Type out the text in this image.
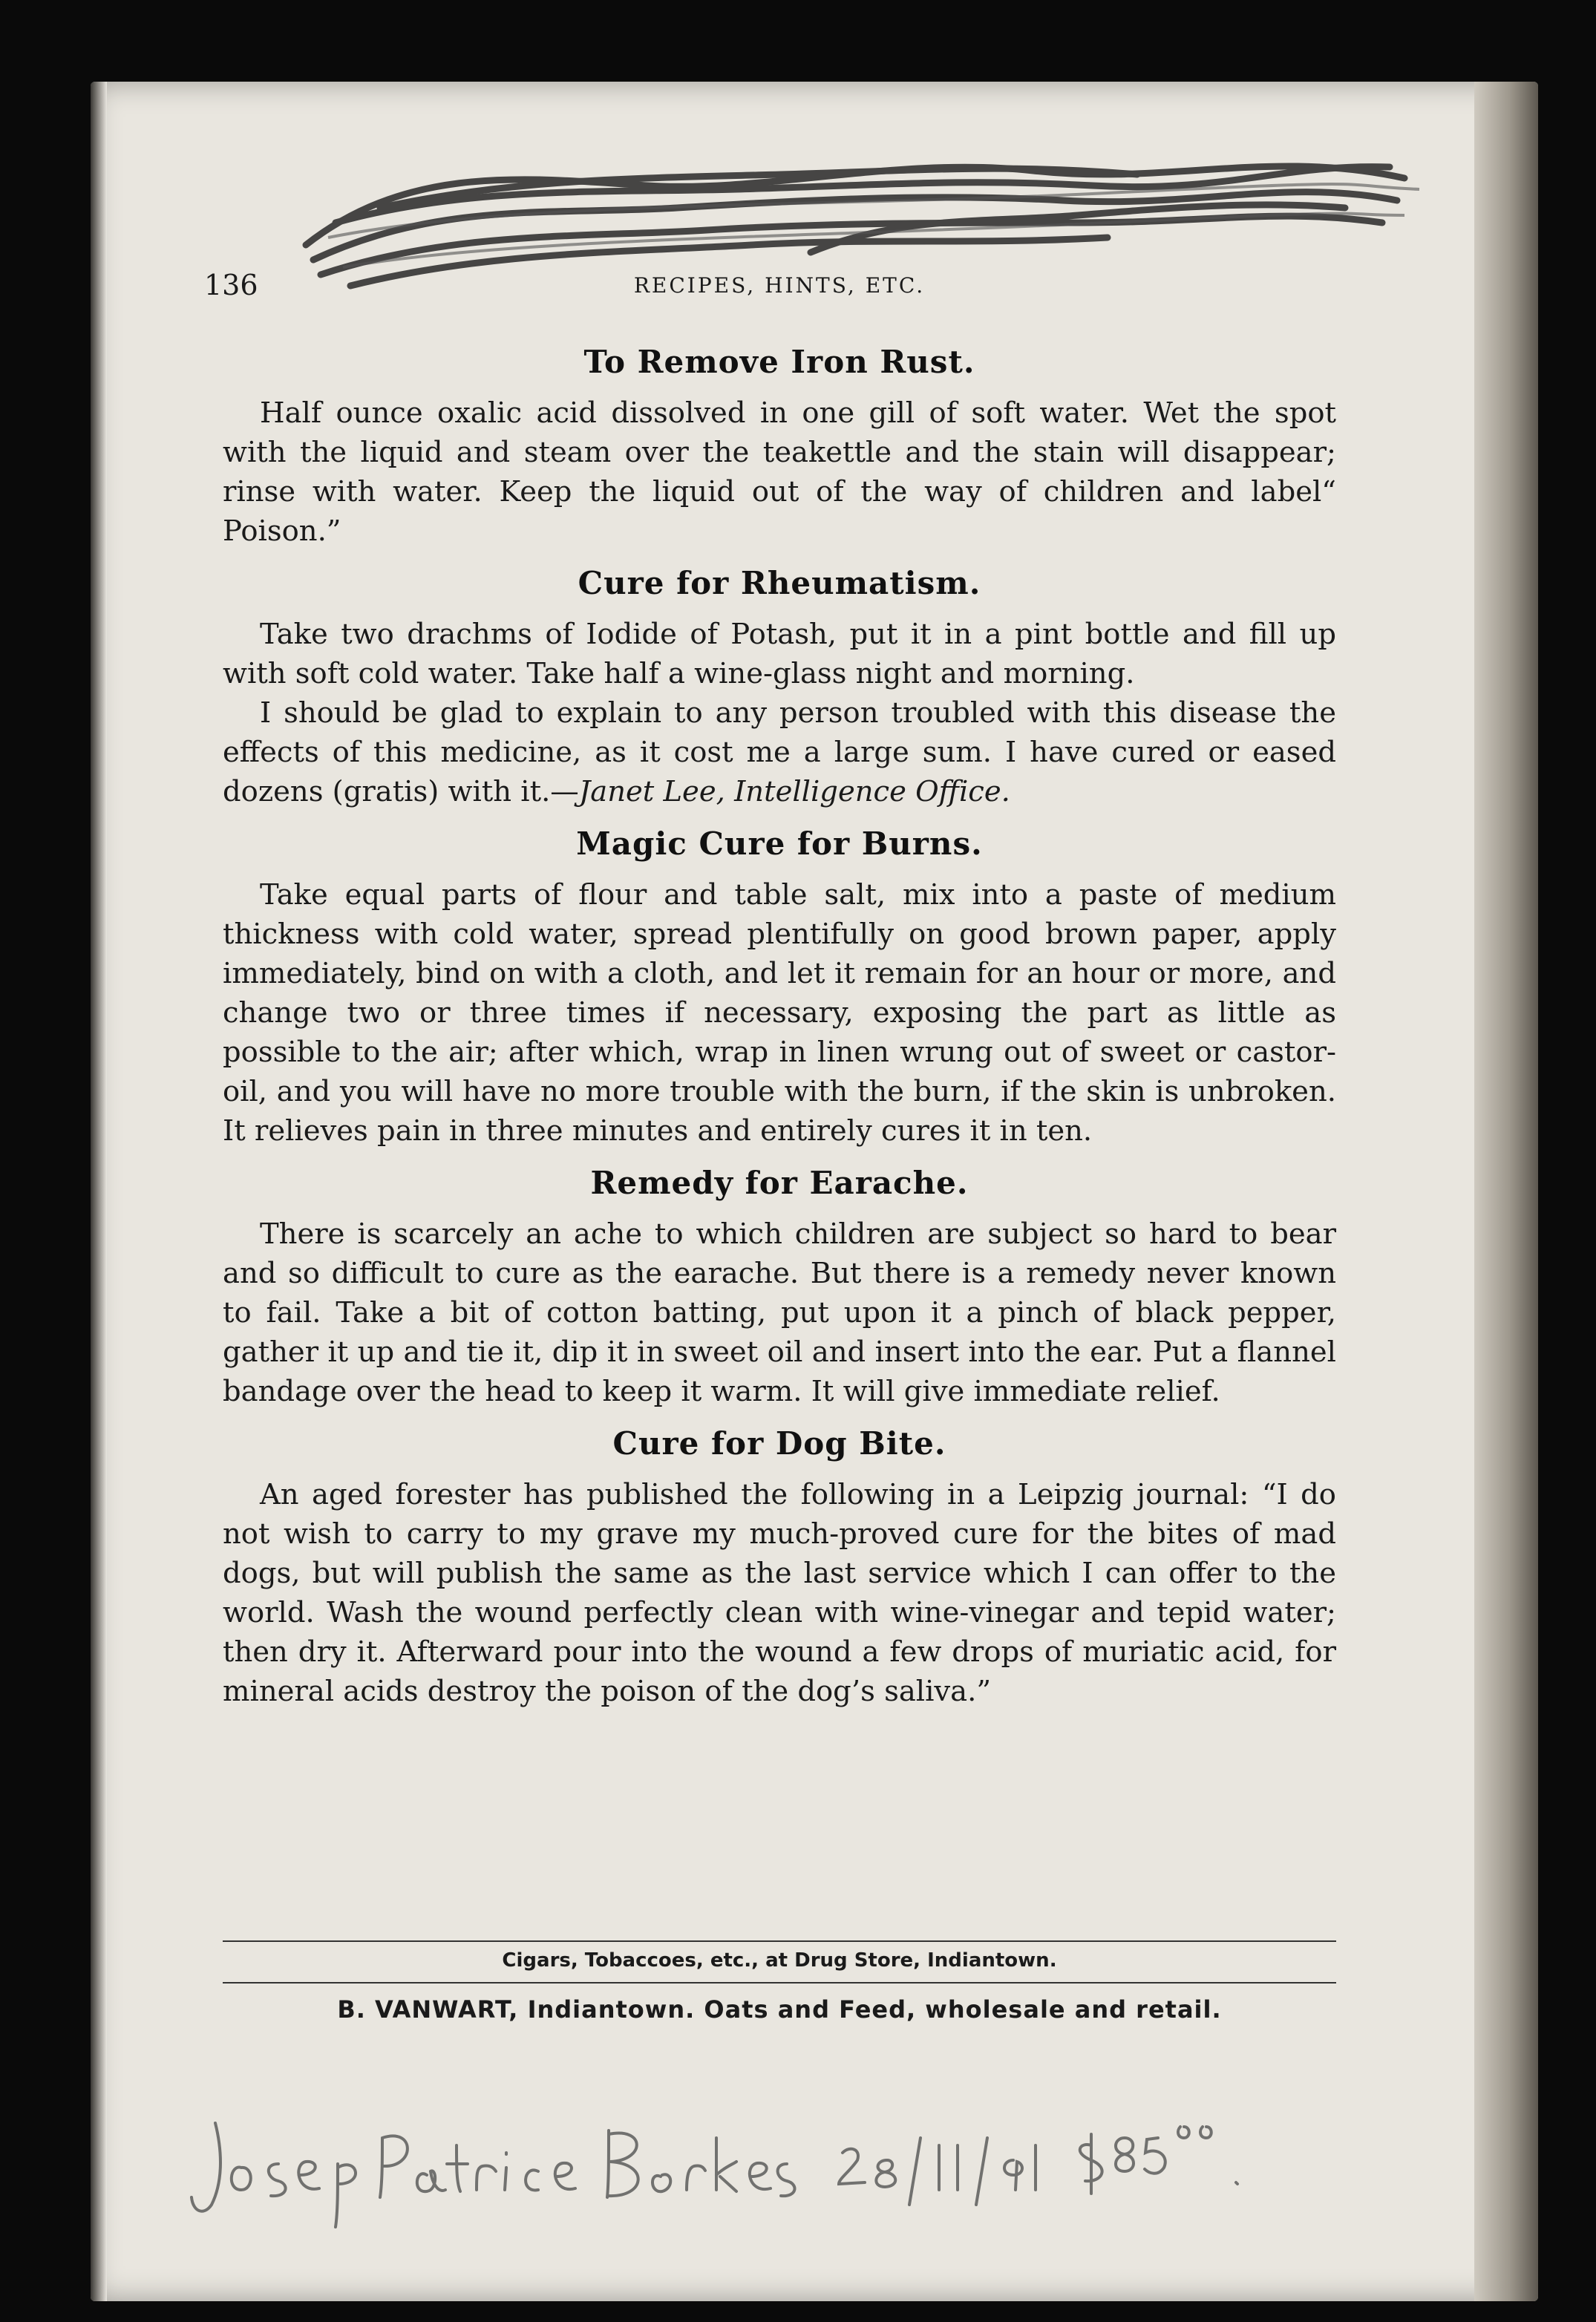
136	RECIPES, HINTS, ETC.
To Remove Iron Rust.

Half ounce oxalic acid dissolved in one gill of soft water. Wet the spot with the liquid and steam over the teakettle and the stain will disappear; rinse with water. Keep the liquid out of the way of children and label“ Poison.”

Cure for Rheumatism.

Take two drachms of Iodide of Potash, put it in a pint bottle and fill up with soft cold water. Take half a wine-glass night and morning.

I should be glad to explain to any person troubled with this disease the effects of this medicine, as it cost me a large sum. I have cured or eased dozens (gratis) with it.—Janet Lee, Intelligence Office.

Magic Cure for Burns.

Take equal parts of flour and table salt, mix into a paste of medium thickness with cold water, spread plentifully on good brown paper, apply immediately, bind on with a cloth, and let it remain for an hour or more, and change two or three times if necessary, exposing the part as little as possible to the air; after which, wrap in linen wrung out of sweet or castor-oil, and you will have no more trouble with the burn, if the skin is unbroken. It relieves pain in three minutes and entirely cures it in ten.

Remedy for Earache.

There is scarcely an ache to which children are subject so hard to bear and so difficult to cure as the earache. But there is a remedy never known to fail. Take a bit of cotton batting, put upon it a pinch of black pepper, gather it up and tie it, dip it in sweet oil and insert into the ear. Put a flannel bandage over the head to keep it warm. It will give immediate relief.

Cure for Dog Bite.

An aged forester has published the following in a Leipzig journal: “I do not wish to carry to my grave my much-proved cure for the bites of mad dogs, but will publish the same as the last service which I can offer to the world. Wash the wound perfectly clean with wine-vinegar and tepid water; then dry it. Afterward pour into the wound a few drops of muriatic acid, for mineral acids destroy the poison of the dog’s saliva.”

Cigars, Tobaccoes, etc., at Drug Store, Indiantown.
B. VANWART, Indiantown. Oats and Feed, wholesale and retail.
